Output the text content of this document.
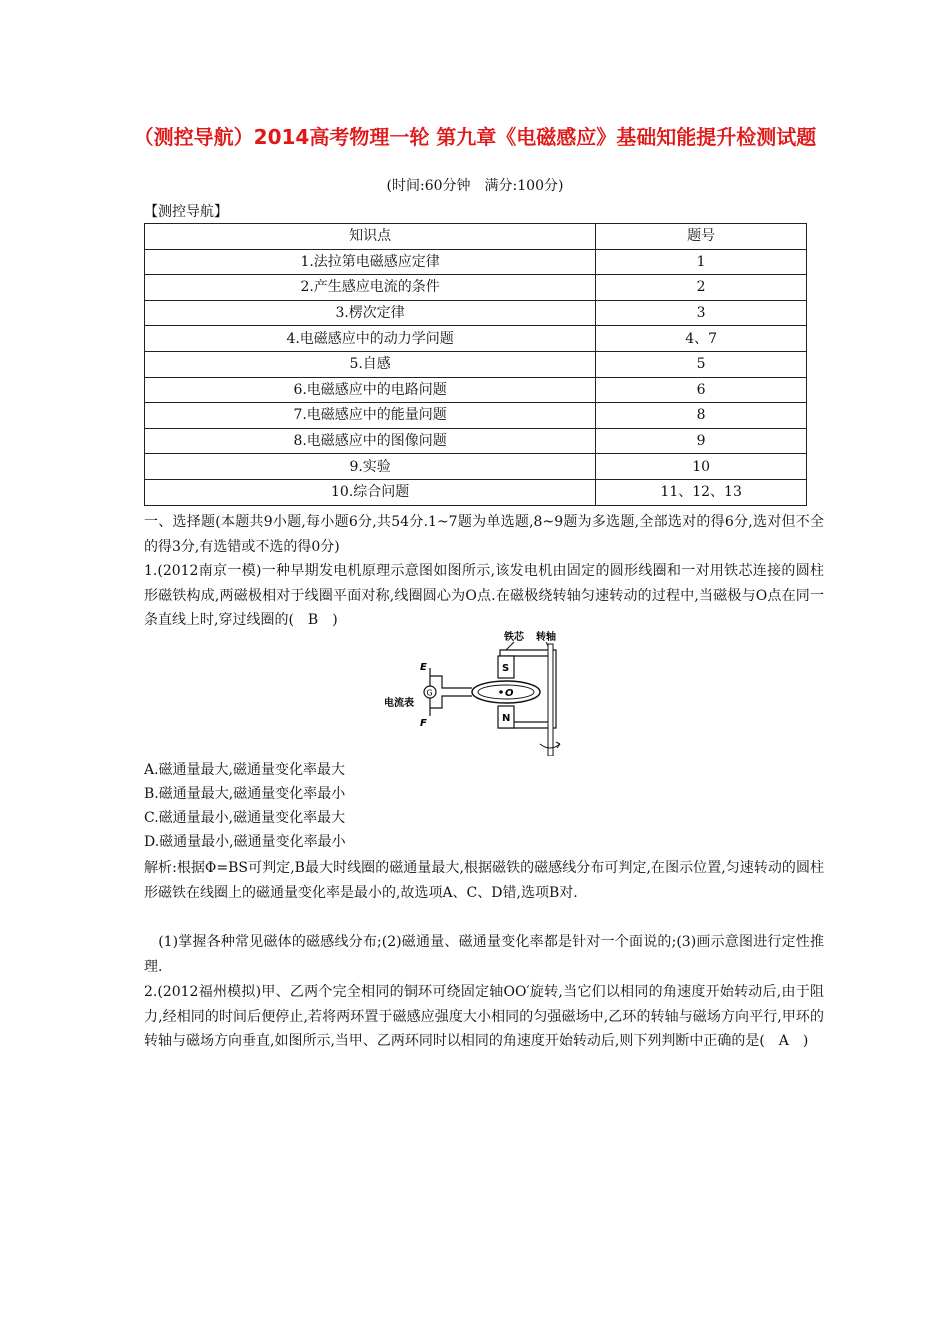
（测控导航）2014高考物理一轮 第九章《电磁感应》基础知能提升检测试题
(时间:60分钟　满分:100分)
【测控导航】
知识点	题号
1.法拉第电磁感应定律	1
2.产生感应电流的条件	2
3.楞次定律	3
4.电磁感应中的动力学问题	4、7
5.自感	5
6.电磁感应中的电路问题	6
7.电磁感应中的能量问题	8
8.电磁感应中的图像问题	9
9.实验	10
10.综合问题	11、12、13
一、选择题(本题共9小题,每小题6分,共54分.1~7题为单选题,8~9题为多选题,全部选对的得6分,选对但不全的得3分,有选错或不选的得0分)
1.(2012南京一模)一种早期发电机原理示意图如图所示,该发电机由固定的圆形线圈和一对用铁芯连接的圆柱形磁铁构成,两磁极相对于线圈平面对称,线圈圆心为O点.在磁极绕转轴匀速转动的过程中,当磁极与O点在同一条直线上时,穿过线圈的(　B　)
铁芯 转轴
S
N
O
E
F
G
电流表
A.磁通量最大,磁通量变化率最大
B.磁通量最大,磁通量变化率最小
C.磁通量最小,磁通量变化率最大
D.磁通量最小,磁通量变化率最小
解析:根据Φ=BS可判定,B最大时线圈的磁通量最大,根据磁铁的磁感线分布可判定,在图示位置,匀速转动的圆柱形磁铁在线圈上的磁通量变化率是最小的,故选项A、C、D错,选项B对.
　(1)掌握各种常见磁体的磁感线分布;(2)磁通量、磁通量变化率都是针对一个面说的;(3)画示意图进行定性推理.
2.(2012福州模拟)甲、乙两个完全相同的铜环可绕固定轴OO′旋转,当它们以相同的角速度开始转动后,由于阻力,经相同的时间后便停止,若将两环置于磁感应强度大小相同的匀强磁场中,乙环的转轴与磁场方向平行,甲环的转轴与磁场方向垂直,如图所示,当甲、乙两环同时以相同的角速度开始转动后,则下列判断中正确的是(　A　)
